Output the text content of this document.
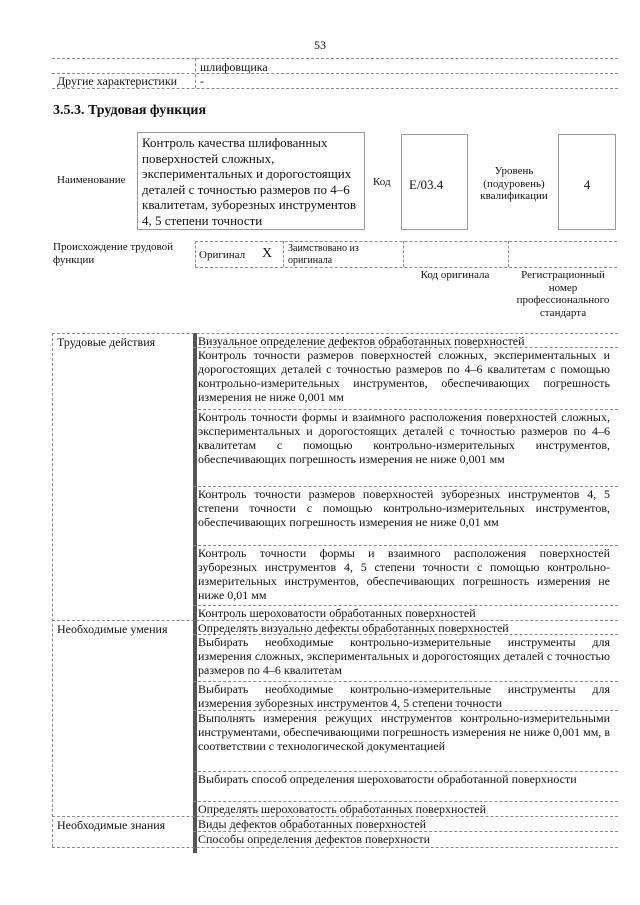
53
шлифовщика
Другие характеристики -
3.5.3. Трудовая функция
Наименование
Контроль качества шлифованных поверхностей сложных, экспериментальных и дорогостоящих деталей с точностью размеров по 4–6 квалитетам, зуборезных инструментов 4, 5 степени точности
Код E/03.4
Уровень (подуровень) квалификации
4
Происхождение трудовой функции	Оригинал X Заимствовано из оригинала
Код оригинала	Регистрационный номер профессионального стандарта
Трудовые действия
Необходимые умения
Необходимые знания
Визуальное определение дефектов обработанных поверхностей
Контроль точности размеров поверхностей сложных, экспериментальных и дорогостоящих деталей с точностью размеров по 4–6 квалитетам с помощью контрольно-измерительных инструментов, обеспечивающих погрешность измерения не ниже 0,001 мм
Контроль точности формы и взаимного расположения поверхностей сложных, экспериментальных и дорогостоящих деталей с точностью размеров по 4–6 квалитетам с помощью контрольно-измерительных инструментов, обеспечивающих погрешность измерения не ниже 0,001 мм
Контроль точности размеров поверхностей зуборезных инструментов 4, 5 степени точности с помощью контрольно-измерительных инструментов, обеспечивающих погрешность измерения не ниже 0,01 мм
Контроль точности формы и взаимного расположения поверхностей зуборезных инструментов 4, 5 степени точности с помощью контрольно-измерительных инструментов, обеспечивающих погрешность измерения не ниже 0,01 мм
Контроль шероховатости обработанных поверхностей
Определять визуально дефекты обработанных поверхностей
Выбирать необходимые контрольно-измерительные инструменты для измерения сложных, экспериментальных и дорогостоящих деталей с точностью размеров по 4–6 квалитетам
Выбирать необходимые контрольно-измерительные инструменты для измерения зуборезных инструментов 4, 5 степени точности
Выполнять измерения режущих инструментов контрольно-измерительными инструментами, обеспечивающими погрешность измерения не ниже 0,001 мм, в соответствии с технологической документацией
Выбирать способ определения шероховатости обработанной поверхности
Определять шероховатость обработанных поверхностей
Виды дефектов обработанных поверхностей
Способы определения дефектов поверхности
